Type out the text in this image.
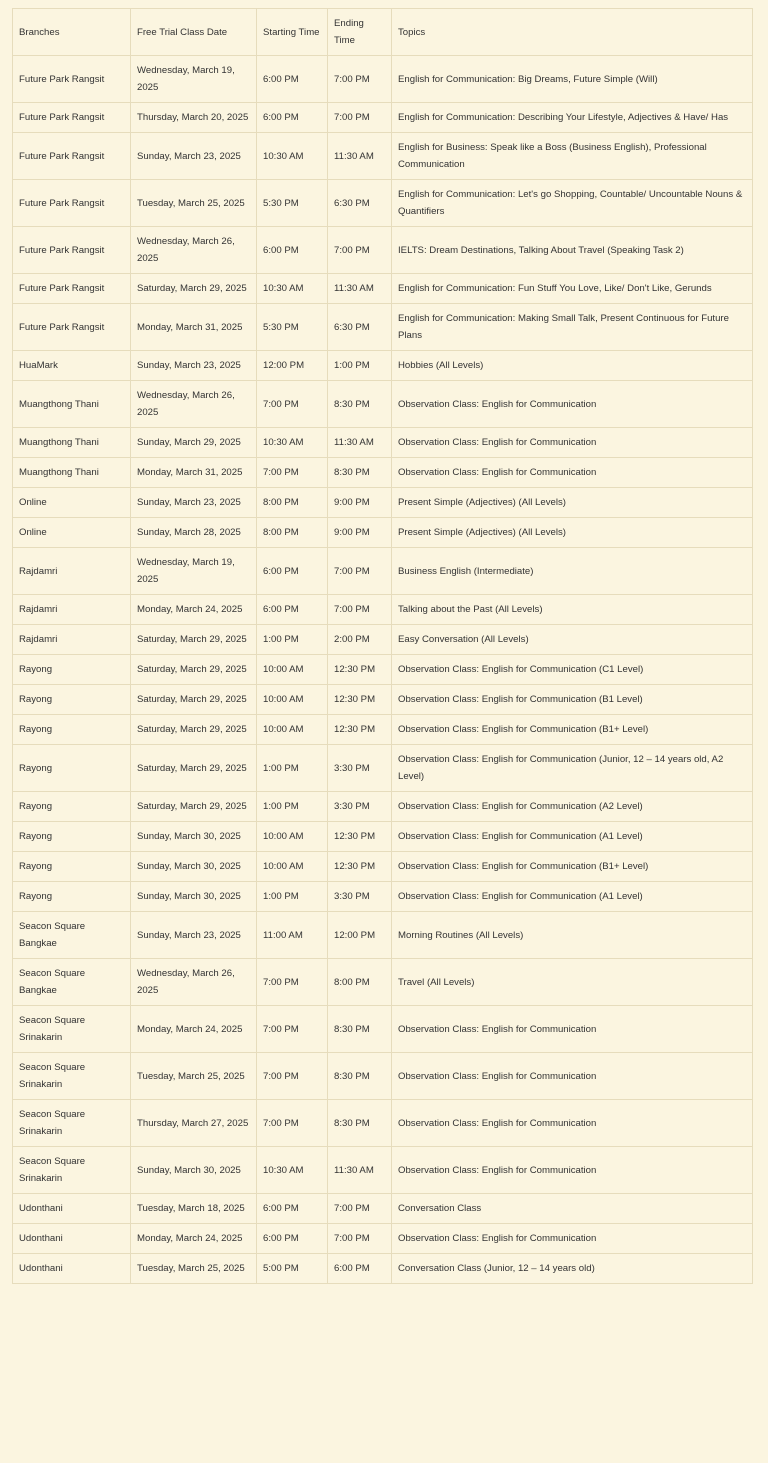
Branches	Free Trial Class Date	Starting Time	Ending Time	Topics
Future Park Rangsit	Wednesday, March 19, 2025	6:00 PM	7:00 PM	English for Communication: Big Dreams, Future Simple (Will)
Future Park Rangsit	Thursday, March 20, 2025	6:00 PM	7:00 PM	English for Communication: Describing Your Lifestyle, Adjectives & Have/ Has
Future Park Rangsit	Sunday, March 23, 2025	10:30 AM	11:30 AM	English for Business: Speak like a Boss (Business English), Professional Communication
Future Park Rangsit	Tuesday, March 25, 2025	5:30 PM	6:30 PM	English for Communication: Let's go Shopping, Countable/ Uncountable Nouns & Quantifiers
Future Park Rangsit	Wednesday, March 26, 2025	6:00 PM	7:00 PM	IELTS: Dream Destinations, Talking About Travel (Speaking Task 2)
Future Park Rangsit	Saturday, March 29, 2025	10:30 AM	11:30 AM	English for Communication: Fun Stuff You Love, Like/ Don't Like, Gerunds
Future Park Rangsit	Monday, March 31, 2025	5:30 PM	6:30 PM	English for Communication: Making Small Talk, Present Continuous for Future Plans
HuaMark	Sunday, March 23, 2025	12:00 PM	1:00 PM	Hobbies (All Levels)
Muangthong Thani	Wednesday, March 26, 2025	7:00 PM	8:30 PM	Observation Class: English for Communication
Muangthong Thani	Sunday, March 29, 2025	10:30 AM	11:30 AM	Observation Class: English for Communication
Muangthong Thani	Monday, March 31, 2025	7:00 PM	8:30 PM	Observation Class: English for Communication
Online	Sunday, March 23, 2025	8:00 PM	9:00 PM	Present Simple (Adjectives) (All Levels)
Online	Sunday, March 28, 2025	8:00 PM	9:00 PM	Present Simple (Adjectives) (All Levels)
Rajdamri	Wednesday, March 19, 2025	6:00 PM	7:00 PM	Business English (Intermediate)
Rajdamri	Monday, March 24, 2025	6:00 PM	7:00 PM	Talking about the Past (All Levels)
Rajdamri	Saturday, March 29, 2025	1:00 PM	2:00 PM	Easy Conversation (All Levels)
Rayong	Saturday, March 29, 2025	10:00 AM	12:30 PM	Observation Class: English for Communication (C1 Level)
Rayong	Saturday, March 29, 2025	10:00 AM	12:30 PM	Observation Class: English for Communication (B1 Level)
Rayong	Saturday, March 29, 2025	10:00 AM	12:30 PM	Observation Class: English for Communication (B1+ Level)
Rayong	Saturday, March 29, 2025	1:00 PM	3:30 PM	Observation Class: English for Communication (Junior, 12 – 14 years old, A2 Level)
Rayong	Saturday, March 29, 2025	1:00 PM	3:30 PM	Observation Class: English for Communication (A2 Level)
Rayong	Sunday, March 30, 2025	10:00 AM	12:30 PM	Observation Class: English for Communication (A1 Level)
Rayong	Sunday, March 30, 2025	10:00 AM	12:30 PM	Observation Class: English for Communication (B1+ Level)
Rayong	Sunday, March 30, 2025	1:00 PM	3:30 PM	Observation Class: English for Communication (A1 Level)
Seacon Square Bangkae	Sunday, March 23, 2025	11:00 AM	12:00 PM	Morning Routines (All Levels)
Seacon Square Bangkae	Wednesday, March 26, 2025	7:00 PM	8:00 PM	Travel (All Levels)
Seacon Square Srinakarin	Monday, March 24, 2025	7:00 PM	8:30 PM	Observation Class: English for Communication
Seacon Square Srinakarin	Tuesday, March 25, 2025	7:00 PM	8:30 PM	Observation Class: English for Communication
Seacon Square Srinakarin	Thursday, March 27, 2025	7:00 PM	8:30 PM	Observation Class: English for Communication
Seacon Square Srinakarin	Sunday, March 30, 2025	10:30 AM	11:30 AM	Observation Class: English for Communication
Udonthani	Tuesday, March 18, 2025	6:00 PM	7:00 PM	Conversation Class
Udonthani	Monday, March 24, 2025	6:00 PM	7:00 PM	Observation Class: English for Communication
Udonthani	Tuesday, March 25, 2025	5:00 PM	6:00 PM	Conversation Class (Junior, 12 – 14 years old)
